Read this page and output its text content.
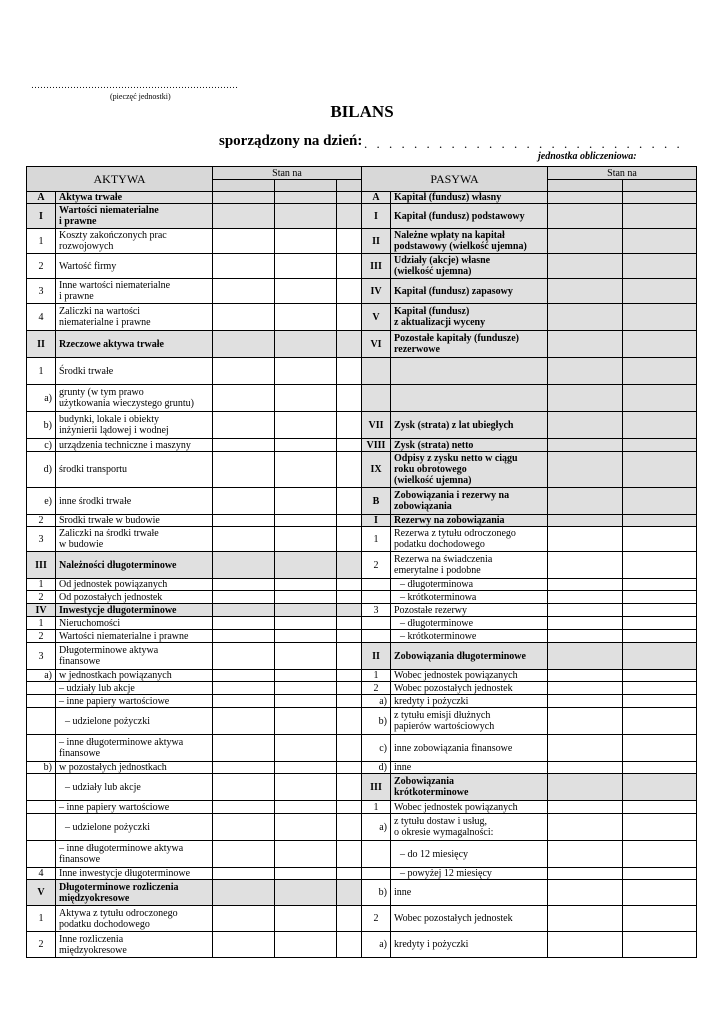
……………………………………………………………
(pieczęć jednostki)
BILANS
sporządzony na dzień: . . . . . . . . . . . . . . . . . . . . . . . . . .
jednostka obliczeniowa:
AKTYWA		Stan na		

A	Aktywa trwałe			
I	Wartości niematerialne
i prawne			
1	Koszty zakończonych prac
rozwojowych			
2	Wartość firmy			
3	Inne wartości niematerialne
i prawne			
4	Zaliczki na wartości
niematerialne i prawne			
II	Rzeczowe aktywa trwałe			
1	Środki trwałe			
a)	grunty (w tym prawo
użytkowania wieczystego gruntu)			
b)	budynki, lokale i obiekty
inżynierii lądowej i wodnej			
c)	urządzenia techniczne i maszyny			
d)	środki transportu			
e)	inne środki trwałe			
2	Środki trwałe w budowie			
3	Zaliczki na środki trwałe
w budowie			
III	Należności długoterminowe			
1	Od jednostek powiązanych			
2	Od pozostałych jednostek			
IV	Inwestycje długoterminowe			
1	Nieruchomości			
2	Wartości niematerialne i prawne			
3	Długoterminowe aktywa
finansowe			
a)	w jednostkach powiązanych			
	– udziały lub akcje			
	– inne papiery wartościowe			
	– udzielone pożyczki			
	– inne długoterminowe aktywa
finansowe			
b)	w pozostałych jednostkach			
	– udziały lub akcje			
	– inne papiery wartościowe			
	– udzielone pożyczki			
	– inne długoterminowe aktywa
finansowe			
4	Inne inwestycje długoterminowe			
V	Długoterminowe rozliczenia
międzyokresowe			
1	Aktywa z tytułu odroczonego
podatku dochodowego			
2	Inne rozliczenia
międzyokresowe			
PASYWA		Stan na	

A	Kapitał (fundusz) własny		
I	Kapitał (fundusz) podstawowy		
II	Należne wpłaty na kapitał
podstawowy (wielkość ujemna)		
III	Udziały (akcje) własne
(wielkość ujemna)		
IV	Kapitał (fundusz) zapasowy		
V	Kapitał (fundusz)
z aktualizacji wyceny		
VI	Pozostałe kapitały (fundusze)
rezerwowe		

VII	Zysk (strata) z lat ubiegłych		
VIII	Zysk (strata) netto		
IX	Odpisy z zysku netto w ciągu
roku obrotowego
(wielkość ujemna)		
B	Zobowiązania i rezerwy na
zobowiązania		
I	Rezerwy na zobowiązania		
1	Rezerwa z tytułu odroczonego
podatku dochodowego		
2	Rezerwa na świadczenia
emerytalne i podobne		
	– długoterminowa		
	– krótkoterminowa		
3	Pozostałe rezerwy		
	– długoterminowe		
	– krótkoterminowe		
II	Zobowiązania długoterminowe		
1	Wobec jednostek powiązanych		
2	Wobec pozostałych jednostek		
a)	kredyty i pożyczki		
b)	z tytułu emisji dłużnych
papierów wartościowych		
c)	inne zobowiązania finansowe		
d)	inne		
III	Zobowiązania
krótkoterminowe		
1	Wobec jednostek powiązanych		
a)	z tytułu dostaw i usług,
o okresie wymagalności:		
	– do 12 miesięcy		
	– powyżej 12 miesięcy		
b)	inne		
2	Wobec pozostałych jednostek		
a)	kredyty i pożyczki		
